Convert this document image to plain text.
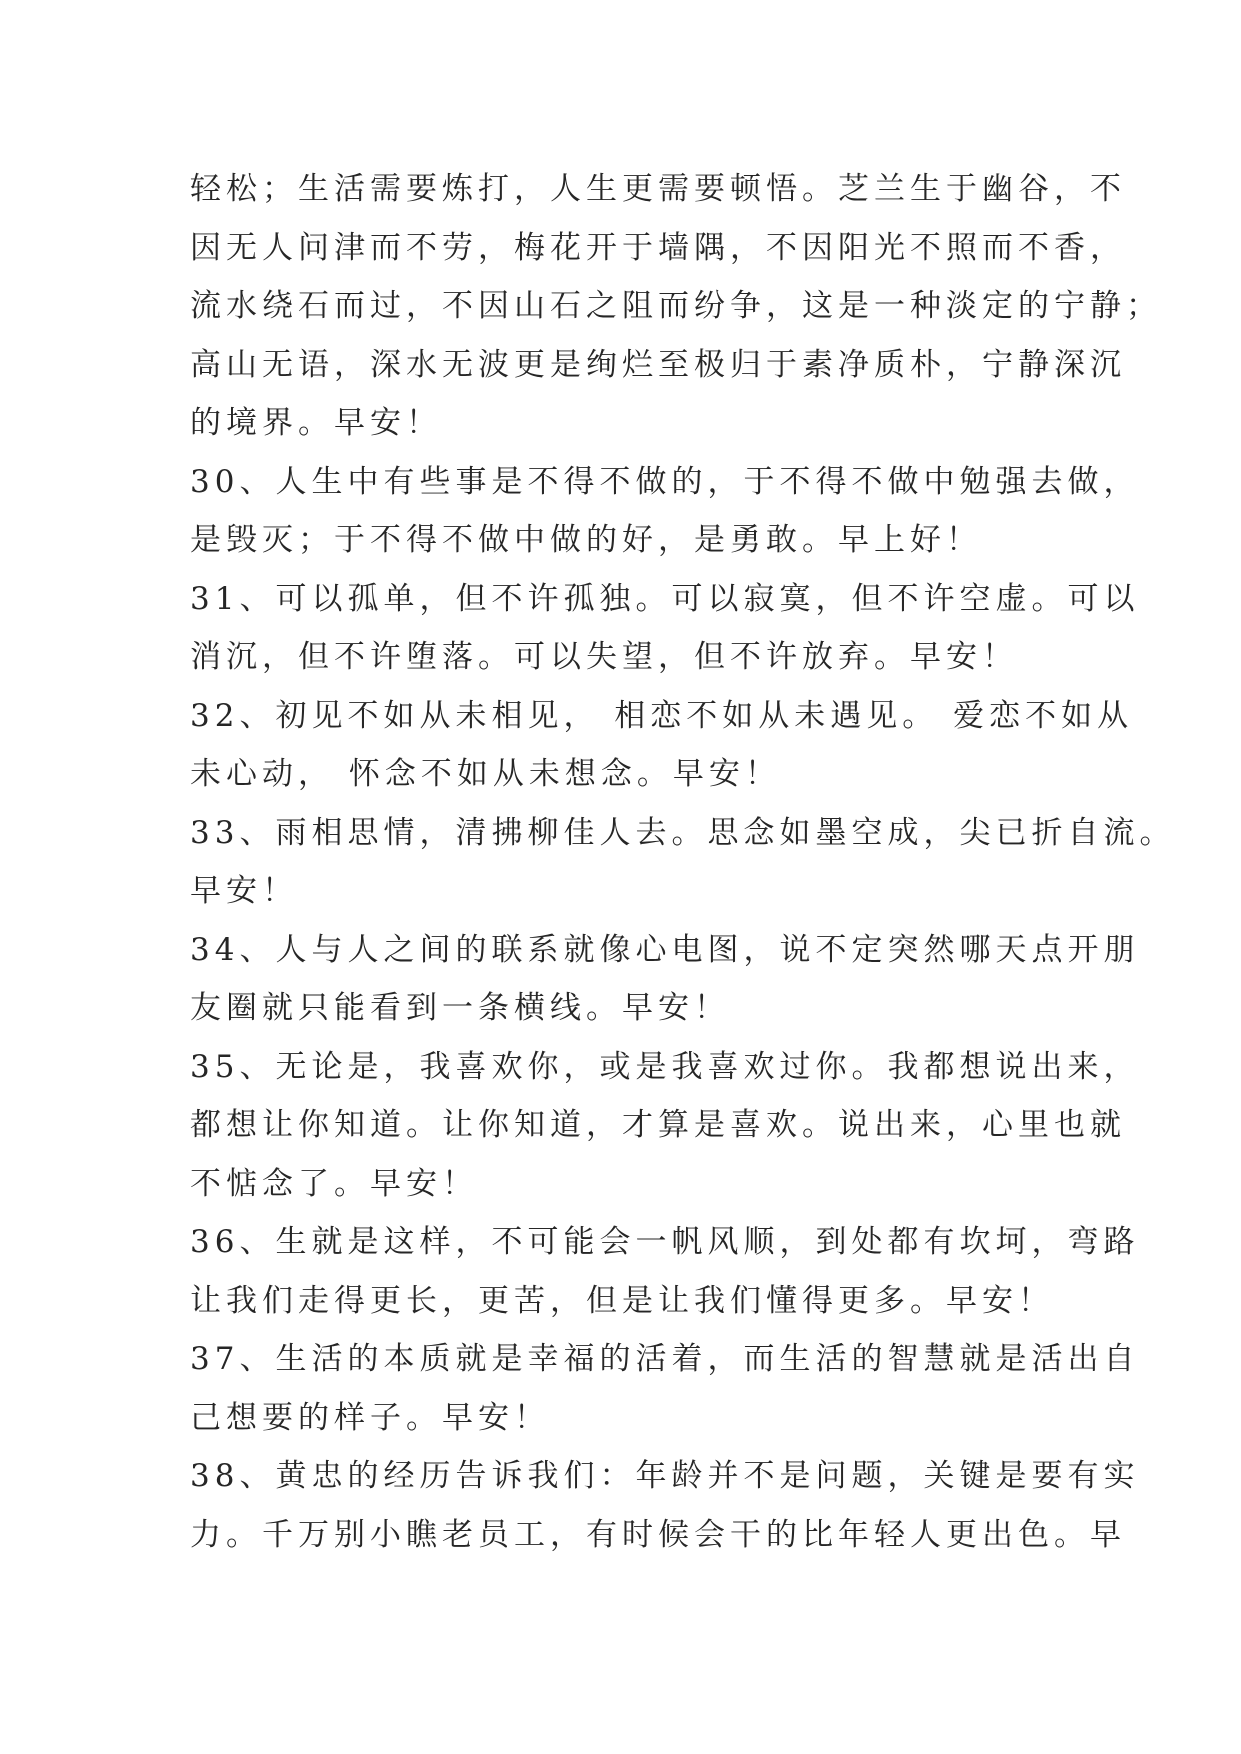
轻松；生活需要炼打，人生更需要顿悟。芝兰生于幽谷，不
因无人问津而不劳，梅花开于墙隅，不因阳光不照而不香，
流水绕石而过，不因山石之阻而纷争，这是一种淡定的宁静；
高山无语，深水无波更是绚烂至极归于素净质朴，宁静深沉
的境界。早安！
30、人生中有些事是不得不做的，于不得不做中勉强去做，
是毁灭；于不得不做中做的好，是勇敢。早上好！
31、可以孤单，但不许孤独。可以寂寞，但不许空虚。可以
消沉，但不许堕落。可以失望，但不许放弃。早安！
32、初见不如从未相见， 相恋不如从未遇见。 爱恋不如从
未心动， 怀念不如从未想念。早安！
33、雨相思情，清拂柳佳人去。思念如墨空成，尖已折自流。
早安！
34、人与人之间的联系就像心电图，说不定突然哪天点开朋
友圈就只能看到一条横线。早安！
35、无论是，我喜欢你，或是我喜欢过你。我都想说出来，
都想让你知道。让你知道，才算是喜欢。说出来，心里也就
不惦念了。早安！
36、生就是这样，不可能会一帆风顺，到处都有坎坷，弯路
让我们走得更长，更苦，但是让我们懂得更多。早安！
37、生活的本质就是幸福的活着，而生活的智慧就是活出自
己想要的样子。早安！
38、黄忠的经历告诉我们：年龄并不是问题，关键是要有实
力。千万别小瞧老员工，有时候会干的比年轻人更出色。早
